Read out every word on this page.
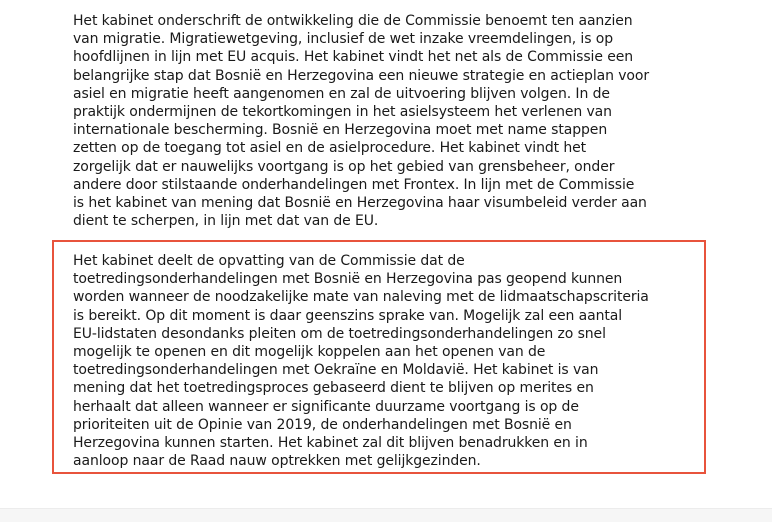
Het kabinet onderschrift de ontwikkeling die de Commissie benoemt ten aanzien
van migratie. Migratiewetgeving, inclusief de wet inzake vreemdelingen, is op
hoofdlijnen in lijn met EU acquis. Het kabinet vindt het net als de Commissie een
belangrijke stap dat Bosnië en Herzegovina een nieuwe strategie en actieplan voor
asiel en migratie heeft aangenomen en zal de uitvoering blijven volgen. In de
praktijk ondermijnen de tekortkomingen in het asielsysteem het verlenen van
internationale bescherming. Bosnië en Herzegovina moet met name stappen
zetten op de toegang tot asiel en de asielprocedure. Het kabinet vindt het
zorgelijk dat er nauwelijks voortgang is op het gebied van grensbeheer, onder
andere door stilstaande onderhandelingen met Frontex. In lijn met de Commissie
is het kabinet van mening dat Bosnië en Herzegovina haar visumbeleid verder aan
dient te scherpen, in lijn met dat van de EU.

Het kabinet deelt de opvatting van de Commissie dat de
toetredingsonderhandelingen met Bosnië en Herzegovina pas geopend kunnen
worden wanneer de noodzakelijke mate van naleving met de lidmaatschapscriteria
is bereikt. Op dit moment is daar geenszins sprake van. Mogelijk zal een aantal
EU-lidstaten desondanks pleiten om de toetredingsonderhandelingen zo snel
mogelijk te openen en dit mogelijk koppelen aan het openen van de
toetredingsonderhandelingen met Oekraïne en Moldavië. Het kabinet is van
mening dat het toetredingsproces gebaseerd dient te blijven op merites en
herhaalt dat alleen wanneer er significante duurzame voortgang is op de
prioriteiten uit de Opinie van 2019, de onderhandelingen met Bosnië en
Herzegovina kunnen starten. Het kabinet zal dit blijven benadrukken en in
aanloop naar de Raad nauw optrekken met gelijkgezinden.
